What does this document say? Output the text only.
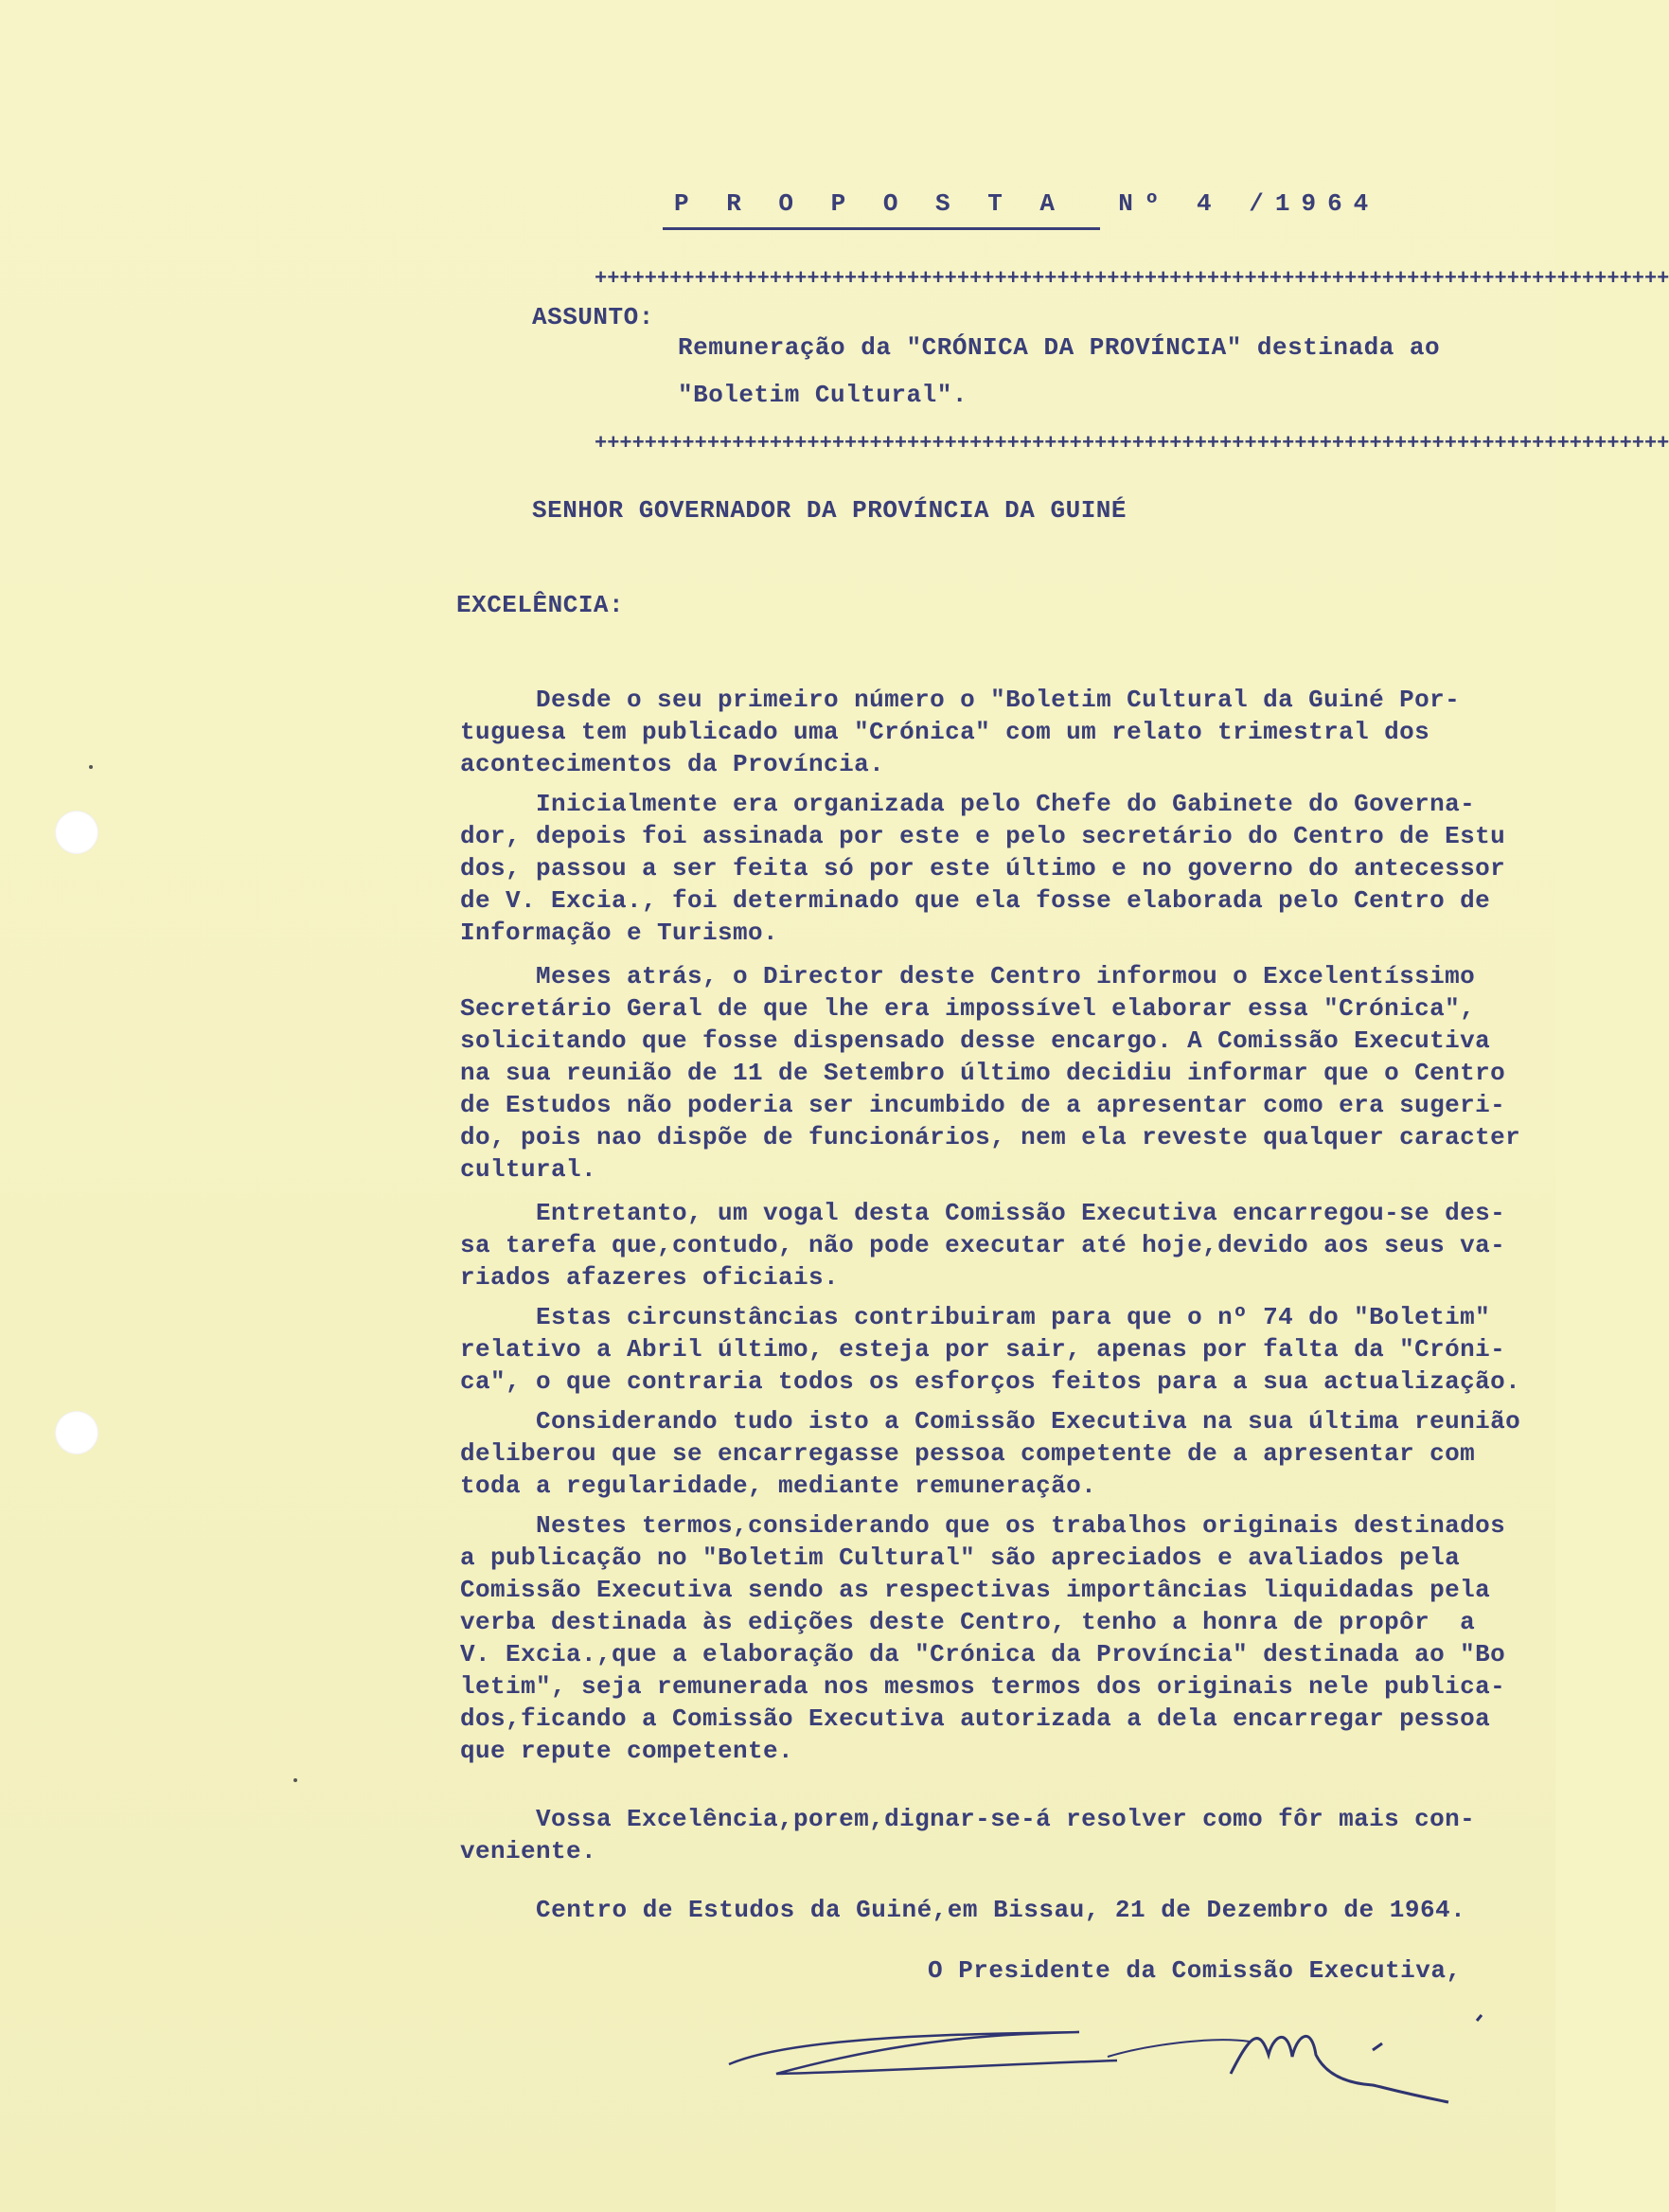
P R O P O S T A  Nº 4 /1964
++++++++++++++++++++++++++++++++++++++++++++++++++++++++++++++++++++++++++++++++++++++
ASSUNTO:
Remuneração da "CRÓNICA DA PROVÍNCIA" destinada ao
"Boletim Cultural".
++++++++++++++++++++++++++++++++++++++++++++++++++++++++++++++++++++++++++++++++++++++
SENHOR GOVERNADOR DA PROVÍNCIA DA GUINÉ
EXCELÊNCIA:
Desde o seu primeiro número o "Boletim Cultural da Guiné Por-
tuguesa tem publicado uma "Crónica" com um relato trimestral dos
acontecimentos da Província.
Inicialmente era organizada pelo Chefe do Gabinete do Governa-
dor, depois foi assinada por este e pelo secretário do Centro de Estu
dos, passou a ser feita só por este último e no governo do antecessor
de V. Excia., foi determinado que ela fosse elaborada pelo Centro de
Informação e Turismo.
Meses atrás, o Director deste Centro informou o Excelentíssimo
Secretário Geral de que lhe era impossível elaborar essa "Crónica",
solicitando que fosse dispensado desse encargo. A Comissão Executiva
na sua reunião de 11 de Setembro último decidiu informar que o Centro
de Estudos não poderia ser incumbido de a apresentar como era sugeri-
do, pois nao dispõe de funcionários, nem ela reveste qualquer caracter
cultural.
Entretanto, um vogal desta Comissão Executiva encarregou-se des-
sa tarefa que,contudo, não pode executar até hoje,devido aos seus va-
riados afazeres oficiais.
Estas circunstâncias contribuiram para que o nº 74 do "Boletim"
relativo a Abril último, esteja por sair, apenas por falta da "Cróni-
ca", o que contraria todos os esforços feitos para a sua actualização.
Considerando tudo isto a Comissão Executiva na sua última reunião
deliberou que se encarregasse pessoa competente de a apresentar com
toda a regularidade, mediante remuneração.
Nestes termos,considerando que os trabalhos originais destinados
a publicação no "Boletim Cultural" são apreciados e avaliados pela
Comissão Executiva sendo as respectivas importâncias liquidadas pela
verba destinada às edições deste Centro, tenho a honra de propôr  a
V. Excia.,que a elaboração da "Crónica da Província" destinada ao "Bo
letim", seja remunerada nos mesmos termos dos originais nele publica-
dos,ficando a Comissão Executiva autorizada a dela encarregar pessoa
que repute competente.
Vossa Excelência,porem,dignar-se-á resolver como fôr mais con-
veniente.
Centro de Estudos da Guiné,em Bissau, 21 de Dezembro de 1964.
O Presidente da Comissão Executiva,
